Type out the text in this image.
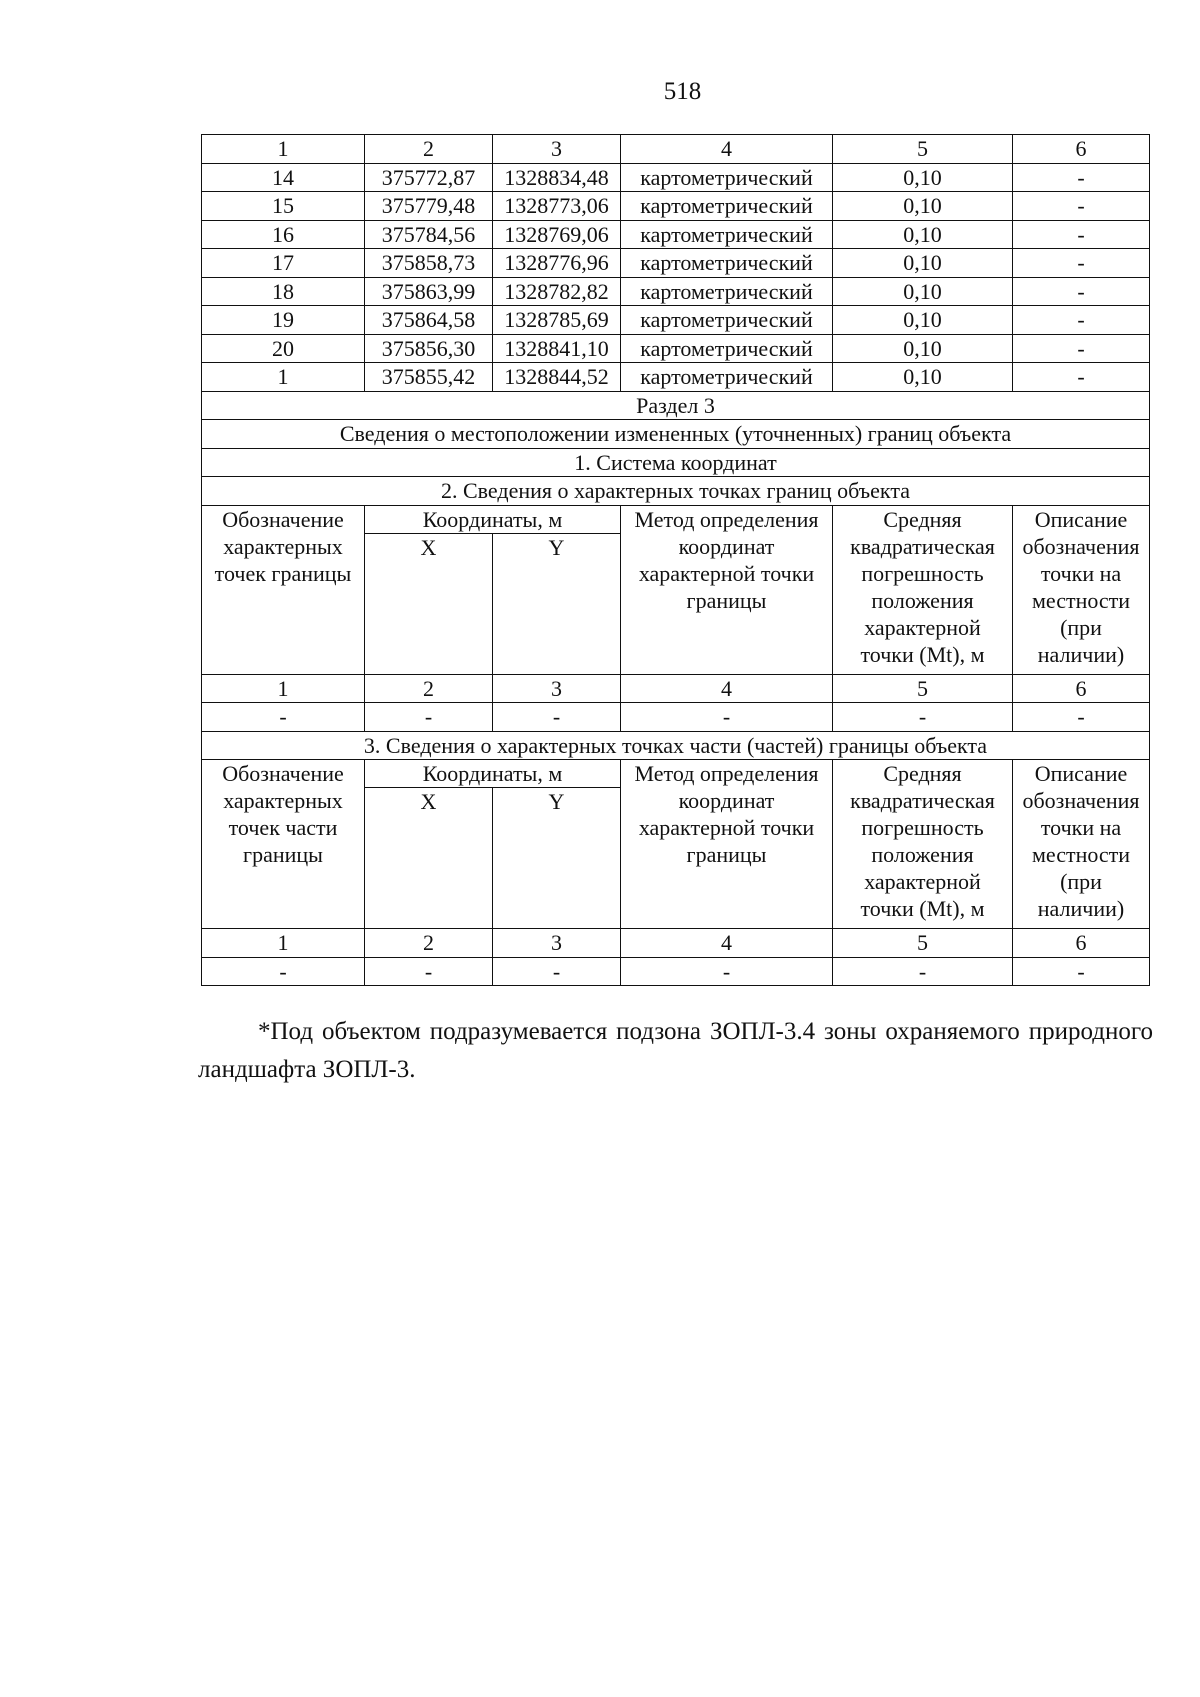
518
1	2	3	4	5	6
14	375772,87	1328834,48	картометрический	0,10	-
15	375779,48	1328773,06	картометрический	0,10	-
16	375784,56	1328769,06	картометрический	0,10	-
17	375858,73	1328776,96	картометрический	0,10	-
18	375863,99	1328782,82	картометрический	0,10	-
19	375864,58	1328785,69	картометрический	0,10	-
20	375856,30	1328841,10	картометрический	0,10	-
1	375855,42	1328844,52	картометрический	0,10	-
Раздел 3					
Сведения о местоположении измененных (уточненных) границ объекта					
1. Система координат					
2. Сведения о характерных точках границ объекта					
Обозначение характерных точек границы	Координаты, м		Метод определения координат характерной точки границы	Средняя квадратическая погрешность положения характерной точки (Mt), м	Описание обозначения точки на местности (при наличии)
	X	Y			
1	2	3	4	5	6
-	-	-	-	-	-
3. Сведения о характерных точках части (частей) границы объекта					
Обозначение характерных точек части границы	Координаты, м		Метод определения координат характерной точки границы	Средняя квадратическая погрешность положения характерной точки (Mt), м	Описание обозначения точки на местности (при наличии)
	X	Y			
1	2	3	4	5	6
-	-	-	-	-	-
*Под объектом подразумевается подзона ЗОПЛ-3.4 зоны охраняемого природного ландшафта ЗОПЛ-3.
